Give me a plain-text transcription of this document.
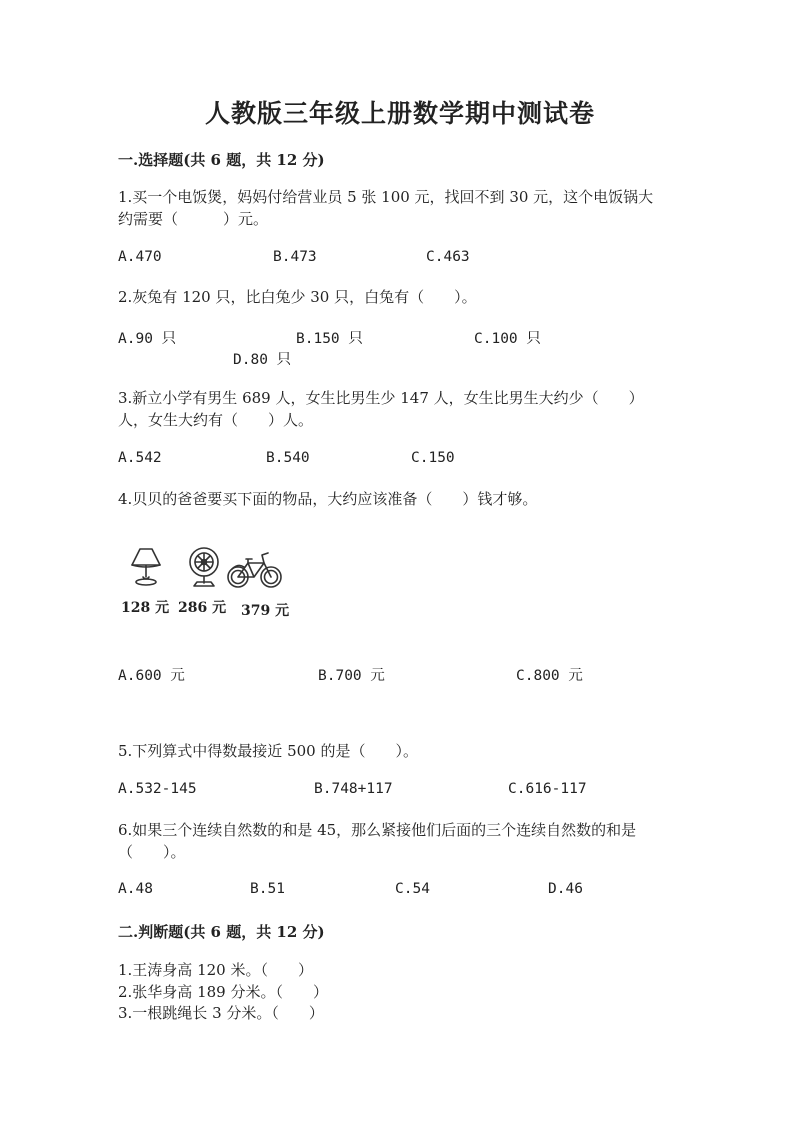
人教版三年级上册数学期中测试卷
一.选择题(共 6 题，共 12 分)
1.买一个电饭煲，妈妈付给营业员 5 张 100 元，找回不到 30 元，这个电饭锅大
约需要（　　　）元。
A.470	B.473	C.463
2.灰兔有 120 只，比白兔少 30 只，白兔有（　　）。
A.90 只	B.150 只	C.100 只
D.80 只
3.新立小学有男生 689 人，女生比男生少 147 人，女生比男生大约少（　　）
人，女生大约有（　　）人。
A.542	B.540	C.150
4.贝贝的爸爸要买下面的物品，大约应该准备（　　）钱才够。
128 元 286 元 379 元
A.600 元	B.700 元	C.800 元
5.下列算式中得数最接近 500 的是（　　）。
A.532-145	B.748+117	C.616-117
6.如果三个连续自然数的和是 45，那么紧接他们后面的三个连续自然数的和是
（　　）。
A.48	B.51	C.54	D.46
二.判断题(共 6 题，共 12 分)
1.王涛身高 120 米。（　　）
2.张华身高 189 分米。（　　）
3.一根跳绳长 3 分米。（　　）
